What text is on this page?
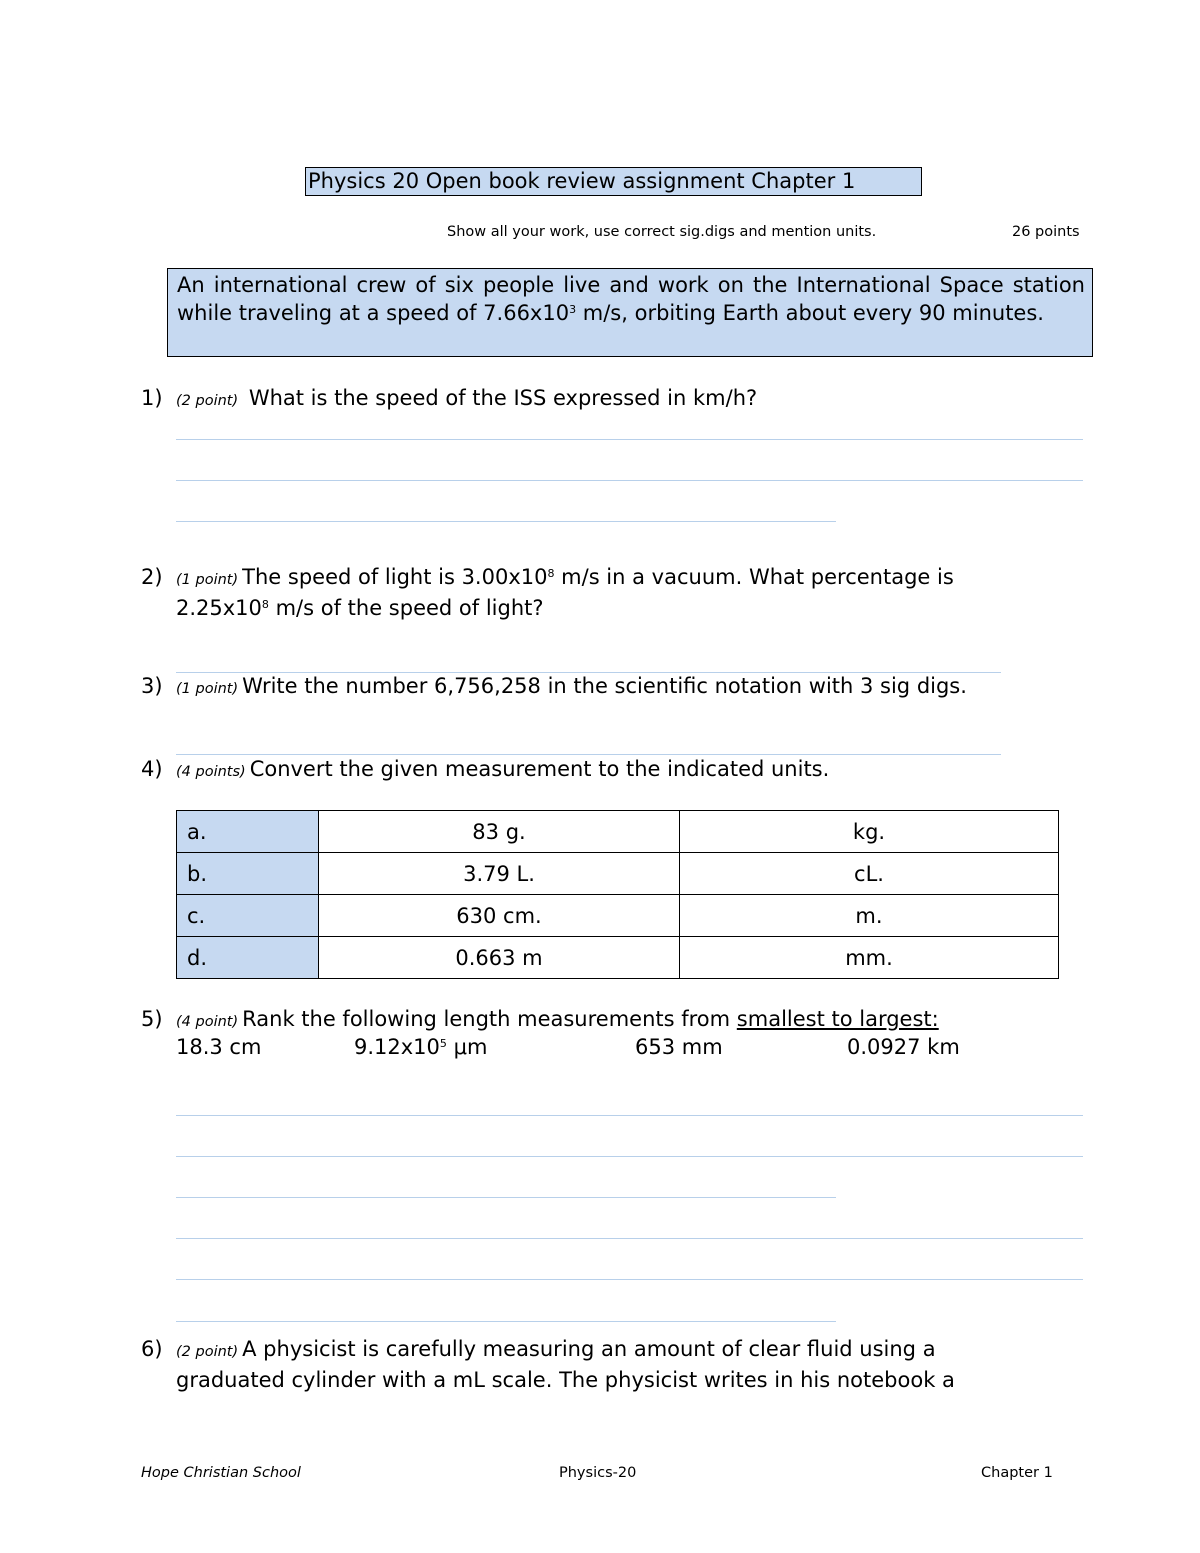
Physics 20 Open book review assignment Chapter 1
Show all your work, use correct sig.digs and mention units.	26 points
An international crew of six people live and work on the International Space station while traveling at a speed of $7.66x10^3$ m/s, orbiting Earth about every 90 minutes.
1) (2 point) What is the speed of the ISS expressed in km/h?
2) (1 point) The speed of light is $3.00x10^8$ m/s in a vacuum. What percentage is
$2.25x10^8$ m/s of the speed of light?
3) (1 point) Write the number 6,756,258 in the scientific notation with 3 sig digs.
4) (4 points) Convert the given measurement to the indicated units.
a.	83 g.	kg.
b.	3.79 L.	cL.
c.	630 cm.	m.
d.	0.663 m	mm.
5) (4 point) Rank the following length measurements from smallest to largest:
18.3 cm	$9.12x10^5$ μm	653 mm	0.0927 km
6) (2 point) A physicist is carefully measuring an amount of clear fluid using a
graduated cylinder with a mL scale. The physicist writes in his notebook a
Hope Christian School	Physics-20	Chapter 1
